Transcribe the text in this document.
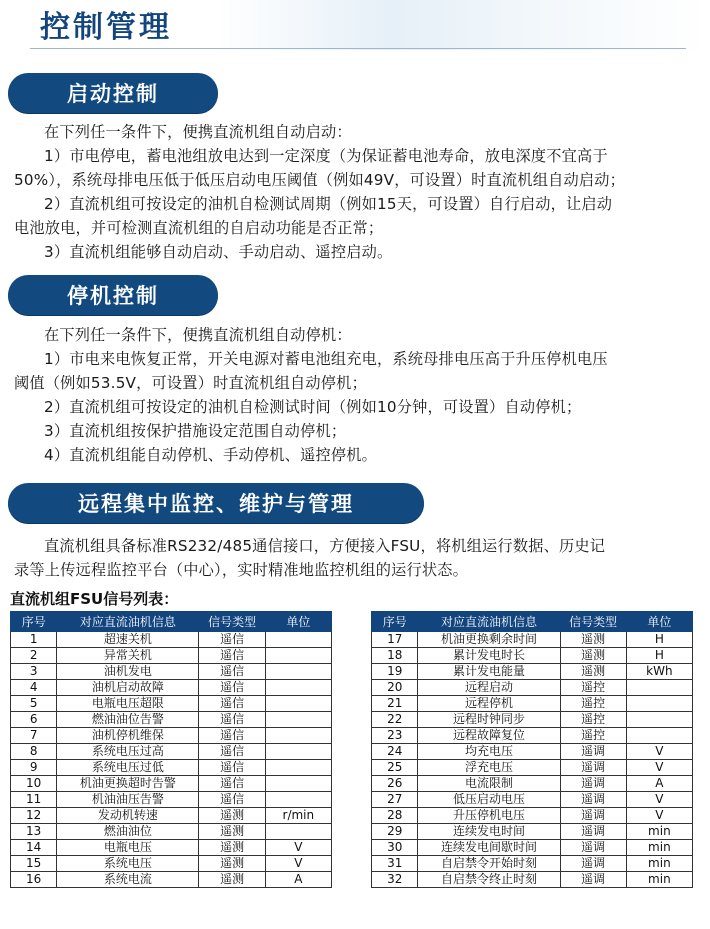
控制管理
启动控制
在下列任一条件下，便携直流机组自动启动：
1）市电停电，蓄电池组放电达到一定深度（为保证蓄电池寿命，放电深度不宜高于
50%），系统母排电压低于低压启动电压阈值（例如49V，可设置）时直流机组自动启动；
2）直流机组可按设定的油机自检测试周期（例如15天，可设置）自行启动，让启动
电池放电，并可检测直流机组的自启动功能是否正常；
3）直流机组能够自动启动、手动启动、遥控启动。
停机控制
在下列任一条件下，便携直流机组自动停机：
1）市电来电恢复正常，开关电源对蓄电池组充电，系统母排电压高于升压停机电压
阈值（例如53.5V，可设置）时直流机组自动停机；
2）直流机组可按设定的油机自检测试时间（例如10分钟，可设置）自动停机；
3）直流机组按保护措施设定范围自动停机；
4）直流机组能自动停机、手动停机、遥控停机。
远程集中监控、维护与管理
直流机组具备标准RS232/485通信接口，方便接入FSU，将机组运行数据、历史记
录等上传远程监控平台（中心），实时精准地监控机组的运行状态。
直流机组FSU信号列表：
序号	对应直流油机信息	信号类型	单位
1	超速关机	遥信	
2	异常关机	遥信	
3	油机发电	遥信	
4	油机启动故障	遥信	
5	电瓶电压超限	遥信	
6	燃油油位告警	遥信	
7	油机停机维保	遥信	
8	系统电压过高	遥信	
9	系统电压过低	遥信	
10	机油更换超时告警	遥信	
11	机油油压告警	遥信	
12	发动机转速	遥测	r/min
13	燃油油位	遥测	
14	电瓶电压	遥测	V
15	系统电压	遥测	V
16	系统电流	遥测	A
序号	对应直流油机信息	信号类型	单位
17	机油更换剩余时间	遥测	H
18	累计发电时长	遥测	H
19	累计发电能量	遥测	kWh
20	远程启动	遥控	
21	远程停机	遥控	
22	远程时钟同步	遥控	
23	远程故障复位	遥控	
24	均充电压	遥调	V
25	浮充电压	遥调	V
26	电流限制	遥调	A
27	低压启动电压	遥调	V
28	升压停机电压	遥调	V
29	连续发电时间	遥调	min
30	连续发电间歇时间	遥调	min
31	自启禁令开始时刻	遥调	min
32	自启禁令终止时刻	遥调	min
